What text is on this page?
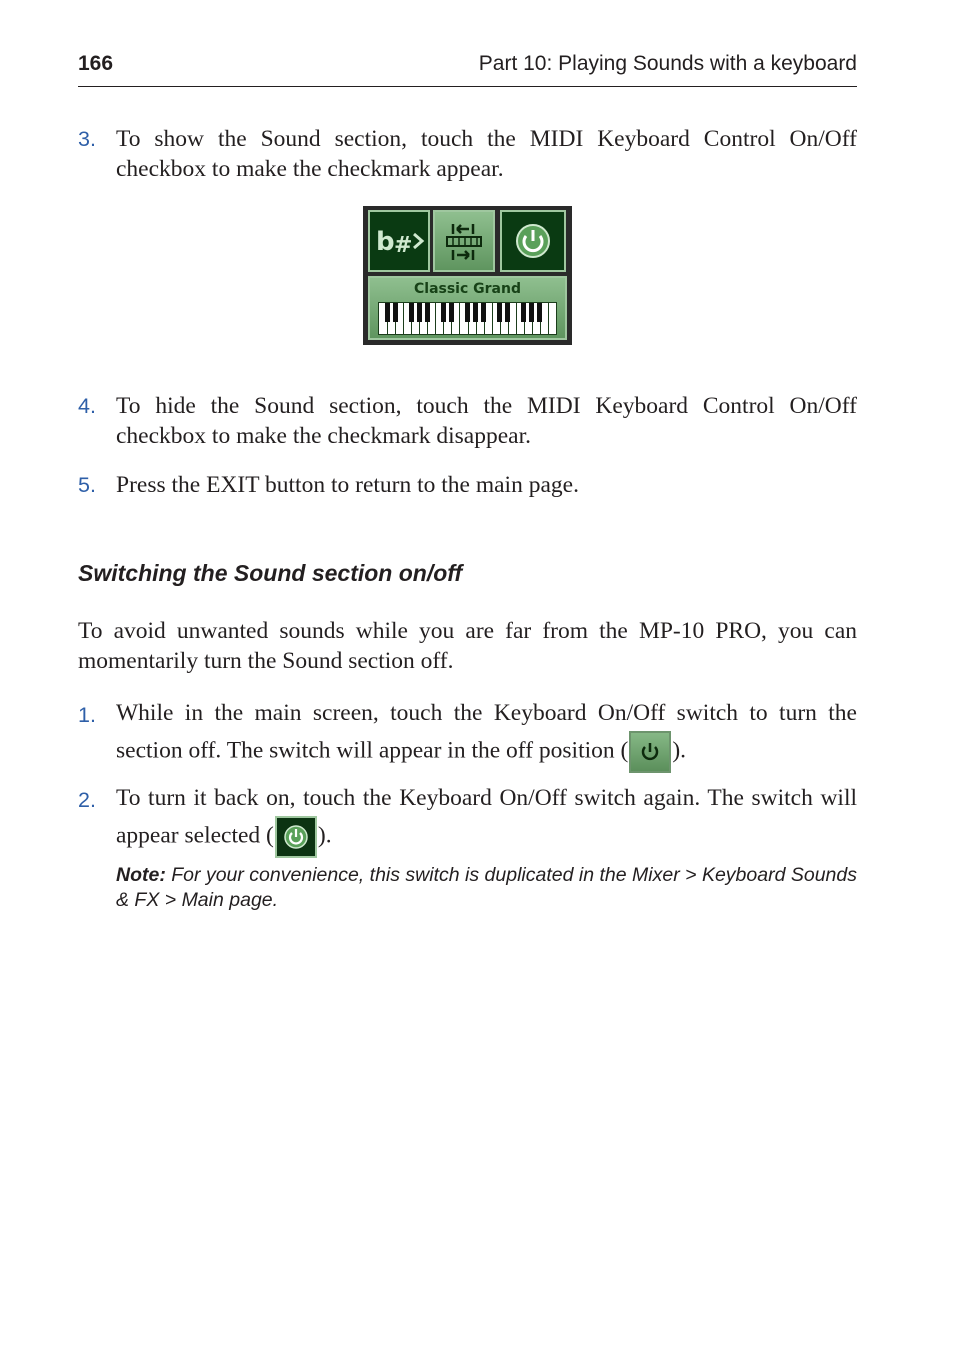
166	Part 10: Playing Sounds with a keyboard
3. To show the Sound section, touch the MIDI Keyboard Control On/Off checkbox to make the checkmark appear.
b #
Classic Grand
4. To hide the Sound section, touch the MIDI Keyboard Control On/Off checkbox to make the checkmark disappear.
5. Press the EXIT button to return to the main page.
Switching the Sound section on/off
To avoid unwanted sounds while you are far from the MP-10 PRO, you can momentarily turn the Sound section off.
1. While in the main screen, touch the Keyboard On/Off switch to turn the section off. The switch will appear in the off position ( ).
2. To turn it back on, touch the Keyboard On/Off switch again. The switch will appear selected ( ).
Note: For your convenience, this switch is duplicated in the Mixer > Keyboard Sounds & FX > Main page.
